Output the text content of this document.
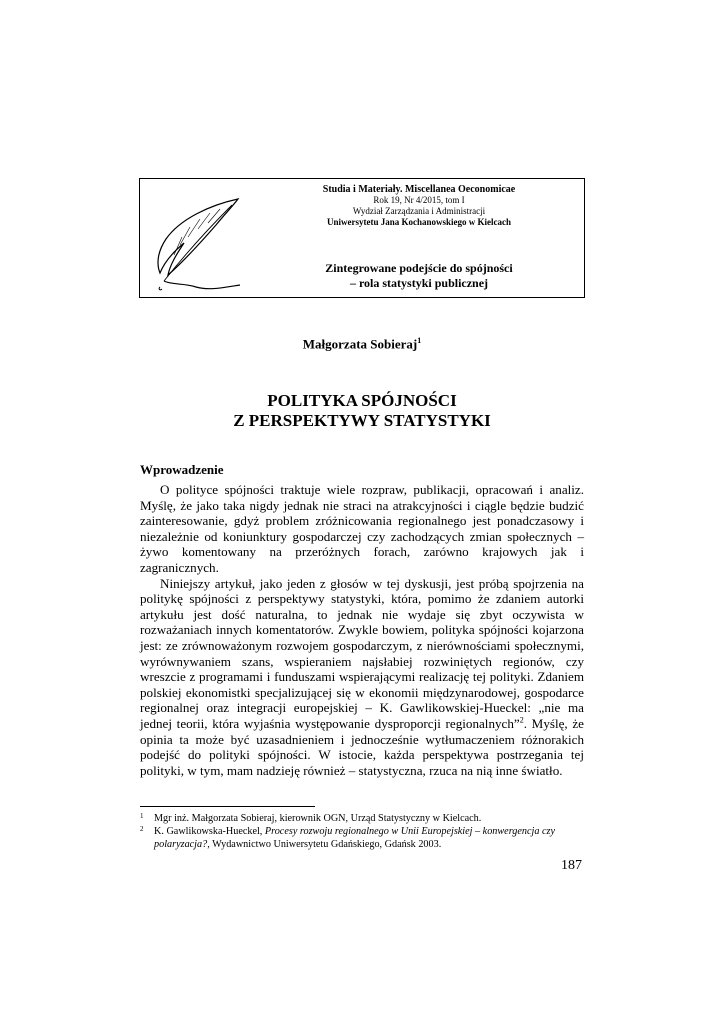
Studia i Materiały. Miscellanea Oeconomicae
Rok 19, Nr 4/2015, tom I
Wydział Zarządzania i Administracji
Uniwersytetu Jana Kochanowskiego w Kielcach
Zintegrowane podejście do spójności
– rola statystyki publicznej
Małgorzata Sobieraj$^1$
POLITYKA SPÓJNOŚCI
Z PERSPEKTYWY STATYSTYKI
Wprowadzenie

O polityce spójności traktuje wiele rozpraw, publikacji, opracowań i analiz. Myślę, że jako taka nigdy jednak nie straci na atrakcyjności i ciągle będzie budzić zainteresowanie, gdyż problem zróżnicowania regionalnego jest ponadczasowy i niezależnie od koniunktury gospodarczej czy zachodzących zmian społecznych – żywo komentowany na przeróżnych forach, zarówno krajowych jak i zagranicznych.

Niniejszy artykuł, jako jeden z głosów w tej dyskusji, jest próbą spojrzenia na politykę spójności z perspektywy statystyki, która, pomimo że zdaniem autorki artykułu jest dość naturalna, to jednak nie wydaje się zbyt oczywista w rozważaniach innych komentatorów. Zwykle bowiem, polityka spójności kojarzona jest: ze zrównoważonym rozwojem gospodarczym, z nierównościami społecznymi, wyrównywaniem szans, wspieraniem najsłabiej rozwiniętych regionów, czy wreszcie z programami i funduszami wspierającymi realizację tej polityki. Zdaniem polskiej ekonomistki specjalizującej się w ekonomii międzynarodowej, gospodarce regionalnej oraz integracji europejskiej – K. Gawlikowskiej-Hueckel: „nie ma jednej teorii, która wyjaśnia występowanie dysproporcji regionalnych”$^2$. Myślę, że opinia ta może być uzasadnieniem i jednocześnie wytłumaczeniem różnorakich podejść do polityki spójności. W istocie, każda perspektywa postrzegania tej polityki, w tym, mam nadzieję również – statystyczna, rzuca na nią inne światło.

1 Mgr inż. Małgorzata Sobieraj, kierownik OGN, Urząd Statystyczny w Kielcach.
2 K. Gawlikowska-Hueckel, Procesy rozwoju regionalnego w Unii Europejskiej – konwergencja czy polaryzacja?, Wydawnictwo Uniwersytetu Gdańskiego, Gdańsk 2003.
187
